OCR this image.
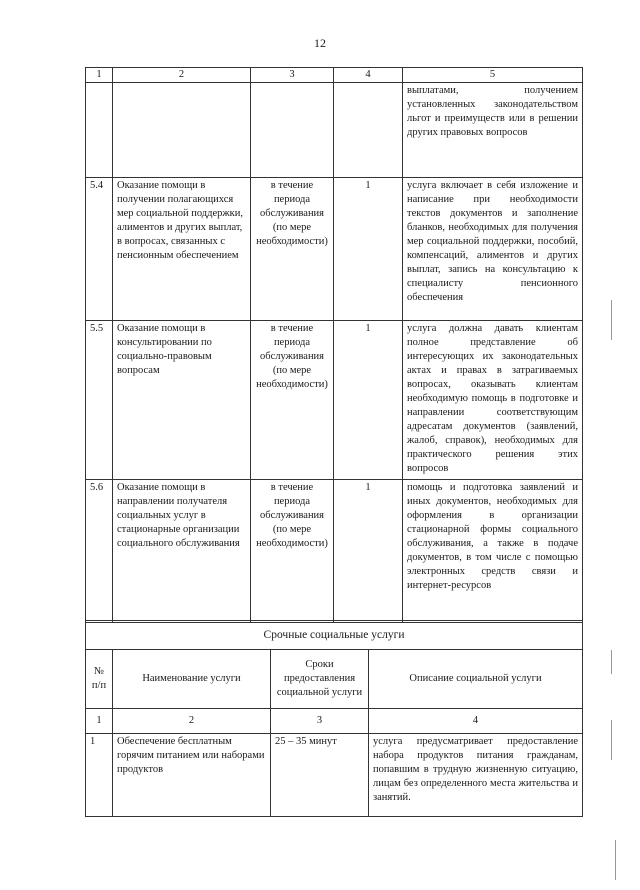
12
1	2	3	4	5
				выплатами, получением установленных законодательством льгот и преимуществ или в решении других правовых вопросов
5.4	Оказание помощи в получении полагающихся мер социальной поддержки, алиментов и других выплат, в вопросах, связанных с пенсионным обеспечением	в течение периода обслуживания (по мере необходимости)	1	услуга включает в себя изложение и написание при необходимости текстов документов и заполнение бланков, необходимых для получения мер социальной поддержки, пособий, компенсаций, алиментов и других выплат, запись на консультацию к специалисту пенсионного обеспечения
5.5	Оказание помощи в консультировании по социально-правовым вопросам	в течение периода обслуживания (по мере необходимости)	1	услуга должна давать клиентам полное представление об интересующих их законодательных актах и правах в затрагиваемых вопросах, оказывать клиентам необходимую помощь в подготовке и направлении соответствующим адресатам документов (заявлений, жалоб, справок), необходимых для практического решения этих вопросов
5.6	Оказание помощи в направлении получателя социальных услуг в стационарные организации социального обслуживания	в течение периода обслуживания (по мере необходимости)	1	помощь и подготовка заявлений и иных документов, необходимых для оформления в организации стационарной формы социального обслуживания, а также в подаче документов, в том числе с помощью электронных средств связи и интернет-ресурсов
Срочные социальные услуги			
№ п/п	Наименование услуги	Сроки предоставления социальной услуги	Описание социальной услуги
1	2	3	4
1	Обеспечение бесплатным горячим питанием или наборами продуктов	25 – 35 минут	услуга предусматривает предоставление набора продуктов питания гражданам, попавшим в трудную жизненную ситуацию, лицам без определенного места жительства и занятий.
